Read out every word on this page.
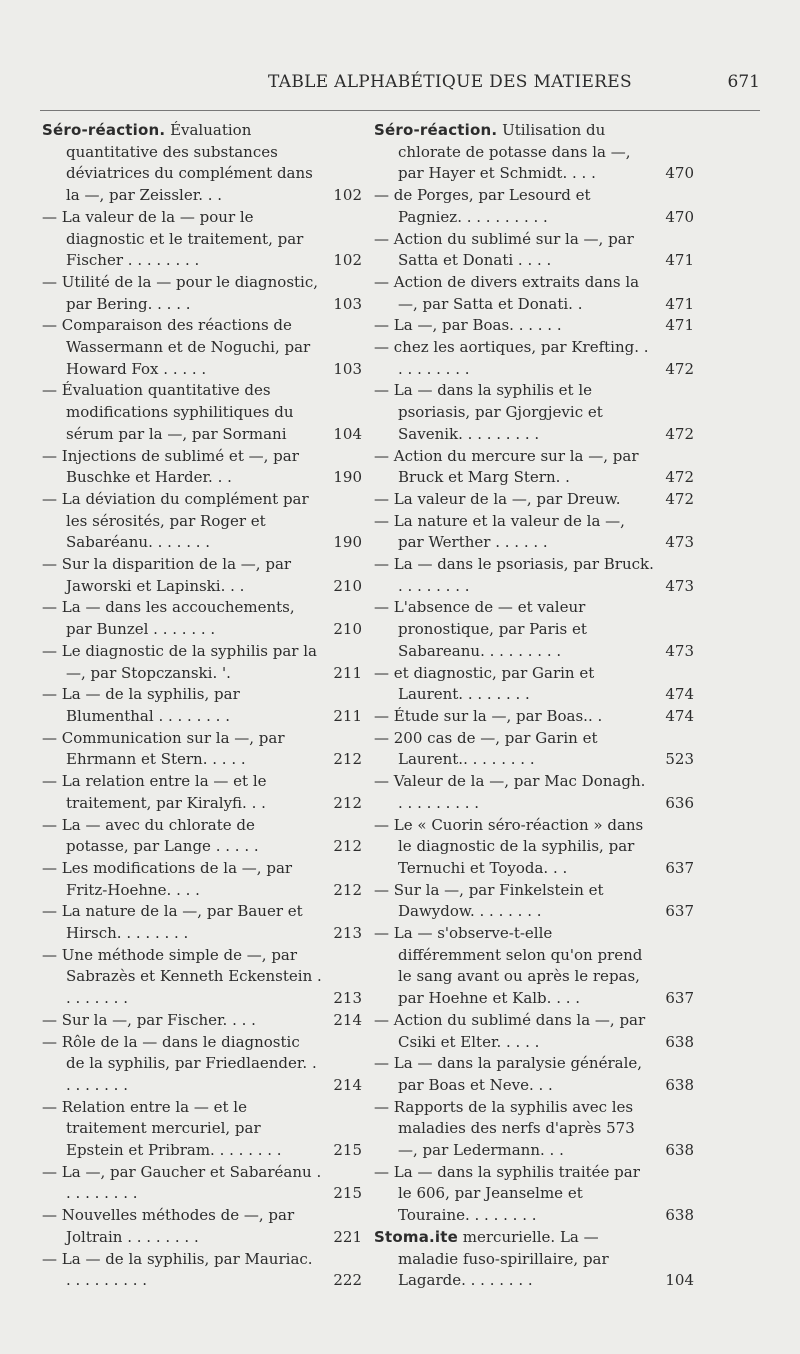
TABLE ALPHABÉTIQUE DES MATIERES	671

Séro-réaction. Évaluation quantitative des substances déviatrices du complément dans la —, par Zeissler. . .	102

— La valeur de la — pour le diagnostic et le traitement, par Fischer . . . . . . . .	102

— Utilité de la — pour le diagnostic, par Bering. . . . .	103

— Comparaison des réactions de Wassermann et de Noguchi, par Howard Fox . . . . .	103

— Évaluation quantitative des modifications syphilitiques du sérum par la —, par Sormani	104

— Injections de sublimé et —, par Buschke et Harder. . .	190

— La déviation du complément par les sérosités, par Roger et Sabaréanu. . . . . . .	190

— Sur la disparition de la —, par Jaworski et Lapinski. . .	210

— La — dans les accouchements, par Bunzel . . . . . . .	210

— Le diagnostic de la syphilis par la —, par Stopczanski. '.	211

— La — de la syphilis, par Blumenthal . . . . . . . .	211

— Communication sur la —, par Ehrmann et Stern. . . . .	212

— La relation entre la — et le traitement, par Kiralyfi. . .	212

— La — avec du chlorate de potasse, par Lange . . . . .	212

— Les modifications de la —, par Fritz-Hoehne. . . .	212

— La nature de la —, par Bauer et Hirsch. . . . . . . .	213

— Une méthode simple de —, par Sabrazès et Kenneth Eckenstein . . . . . . . .	213

— Sur la —, par Fischer. . . .	214

— Rôle de la — dans le diagnostic de la syphilis, par Friedlaender. . . . . . . . .	214

— Relation entre la — et le traitement mercuriel, par Epstein et Pribram. . . . . . . .	215

— La —, par Gaucher et Sabaréanu . . . . . . . . .	215

— Nouvelles méthodes de —, par Joltrain . . . . . . . .	221

— La — de la syphilis, par Mauriac. . . . . . . . . .	222

Séro-réaction. Utilisation du chlorate de potasse dans la —, par Hayer et Schmidt. . . .	470

— de Porges, par Lesourd et Pagniez. . . . . . . . . .	470

— Action du sublimé sur la —, par Satta et Donati . . . .	471

— Action de divers extraits dans la —, par Satta et Donati. .	471

— La —, par Boas. . . . . .	471

— chez les aortiques, par Krefting. . . . . . . . . .	472

— La — dans la syphilis et le psoriasis, par Gjorgjevic et Savenik. . . . . . . . .	472

— Action du mercure sur la —, par Bruck et Marg Stern. .	472

— La valeur de la —, par Dreuw.	472

— La nature et la valeur de la —, par Werther . . . . . .	473

— La — dans le psoriasis, par Bruck. . . . . . . . .	473

— L'absence de — et valeur pronostique, par Paris et Sabareanu. . . . . . . . .	473

— et diagnostic, par Garin et Laurent. . . . . . . .	474

— Étude sur la —, par Boas.. .	474

— 200 cas de —, par Garin et Laurent.. . . . . . . .	523

— Valeur de la —, par Mac Donagh. . . . . . . . . .	636

— Le « Cuorin séro-réaction » dans le diagnostic de la syphilis, par Ternuchi et Toyoda. . .	637

— Sur la —, par Finkelstein et Dawydow. . . . . . . .	637

— La — s'observe-t-elle différemment selon qu'on prend le sang avant ou après le repas, par Hoehne et Kalb. . . .	637

— Action du sublimé dans la —, par Csiki et Elter. . . . .	638

— La — dans la paralysie générale, par Boas et Neve. . .	638

— Rapports de la syphilis avec les maladies des nerfs d'après 573 —, par Ledermann. . .	638

— La — dans la syphilis traitée par le 606, par Jeanselme et Touraine. . . . . . . .	638

Stoma.ite mercurielle. La — maladie fuso-spirillaire, par Lagarde. . . . . . . .	104
